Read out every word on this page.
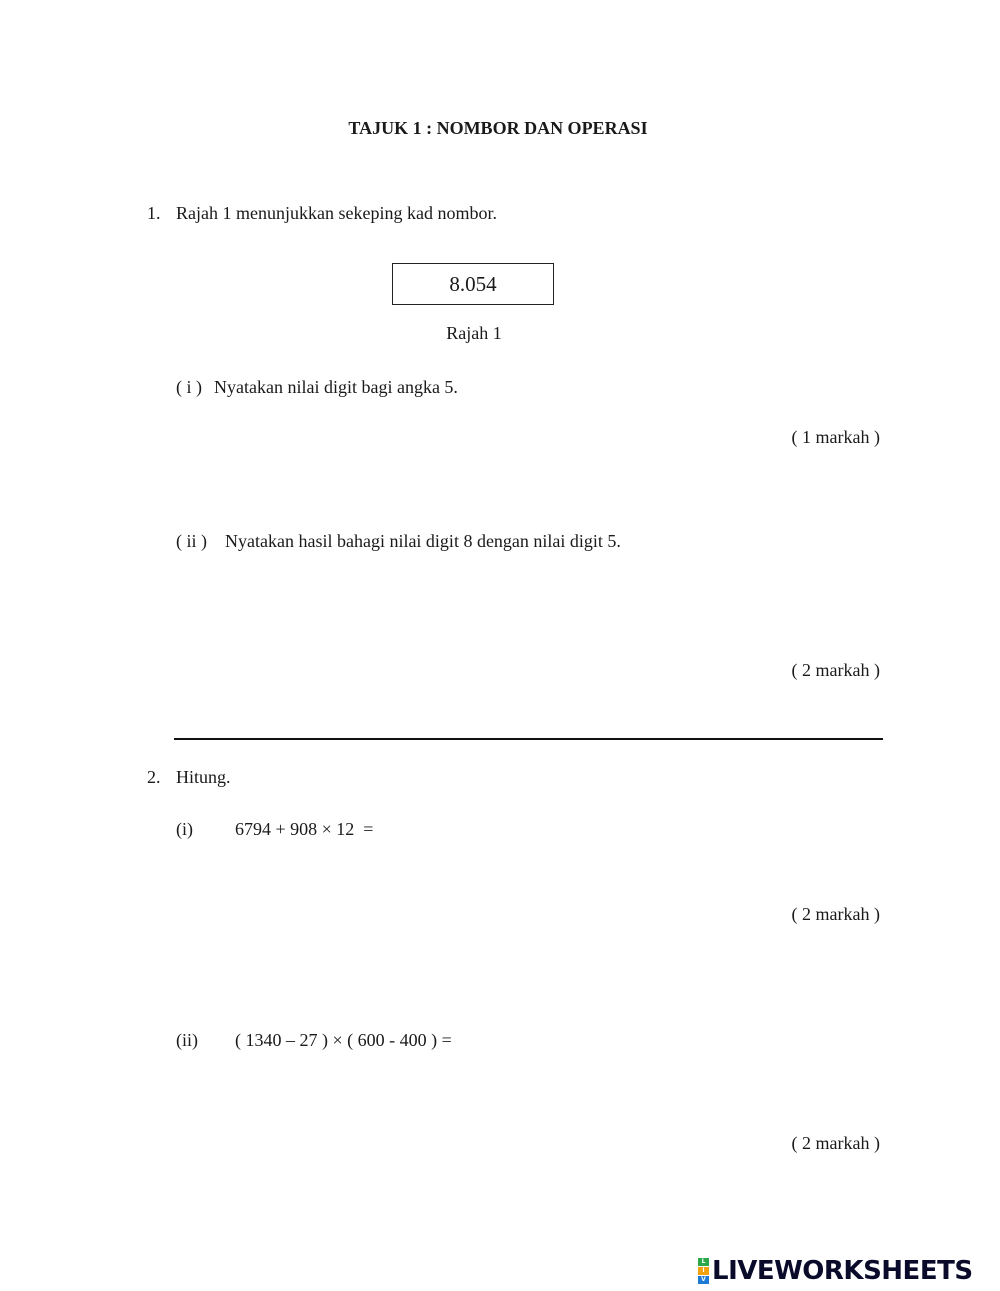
TAJUK 1 : NOMBOR DAN OPERASI
1. Rajah 1 menunjukkan sekeping kad nombor.
8.054
Rajah 1
( i ) Nyatakan nilai digit bagi angka 5.
( 1 markah )
( ii ) Nyatakan hasil bahagi nilai digit 8 dengan nilai digit 5.
( 2 markah )
2. Hitung.
(i) 6794 + 908 × 12  =
( 2 markah )
(ii) ( 1340 – 27 ) × ( 600 - 400 ) =
( 2 markah )
L
I
V LIVEWORKSHEETS
